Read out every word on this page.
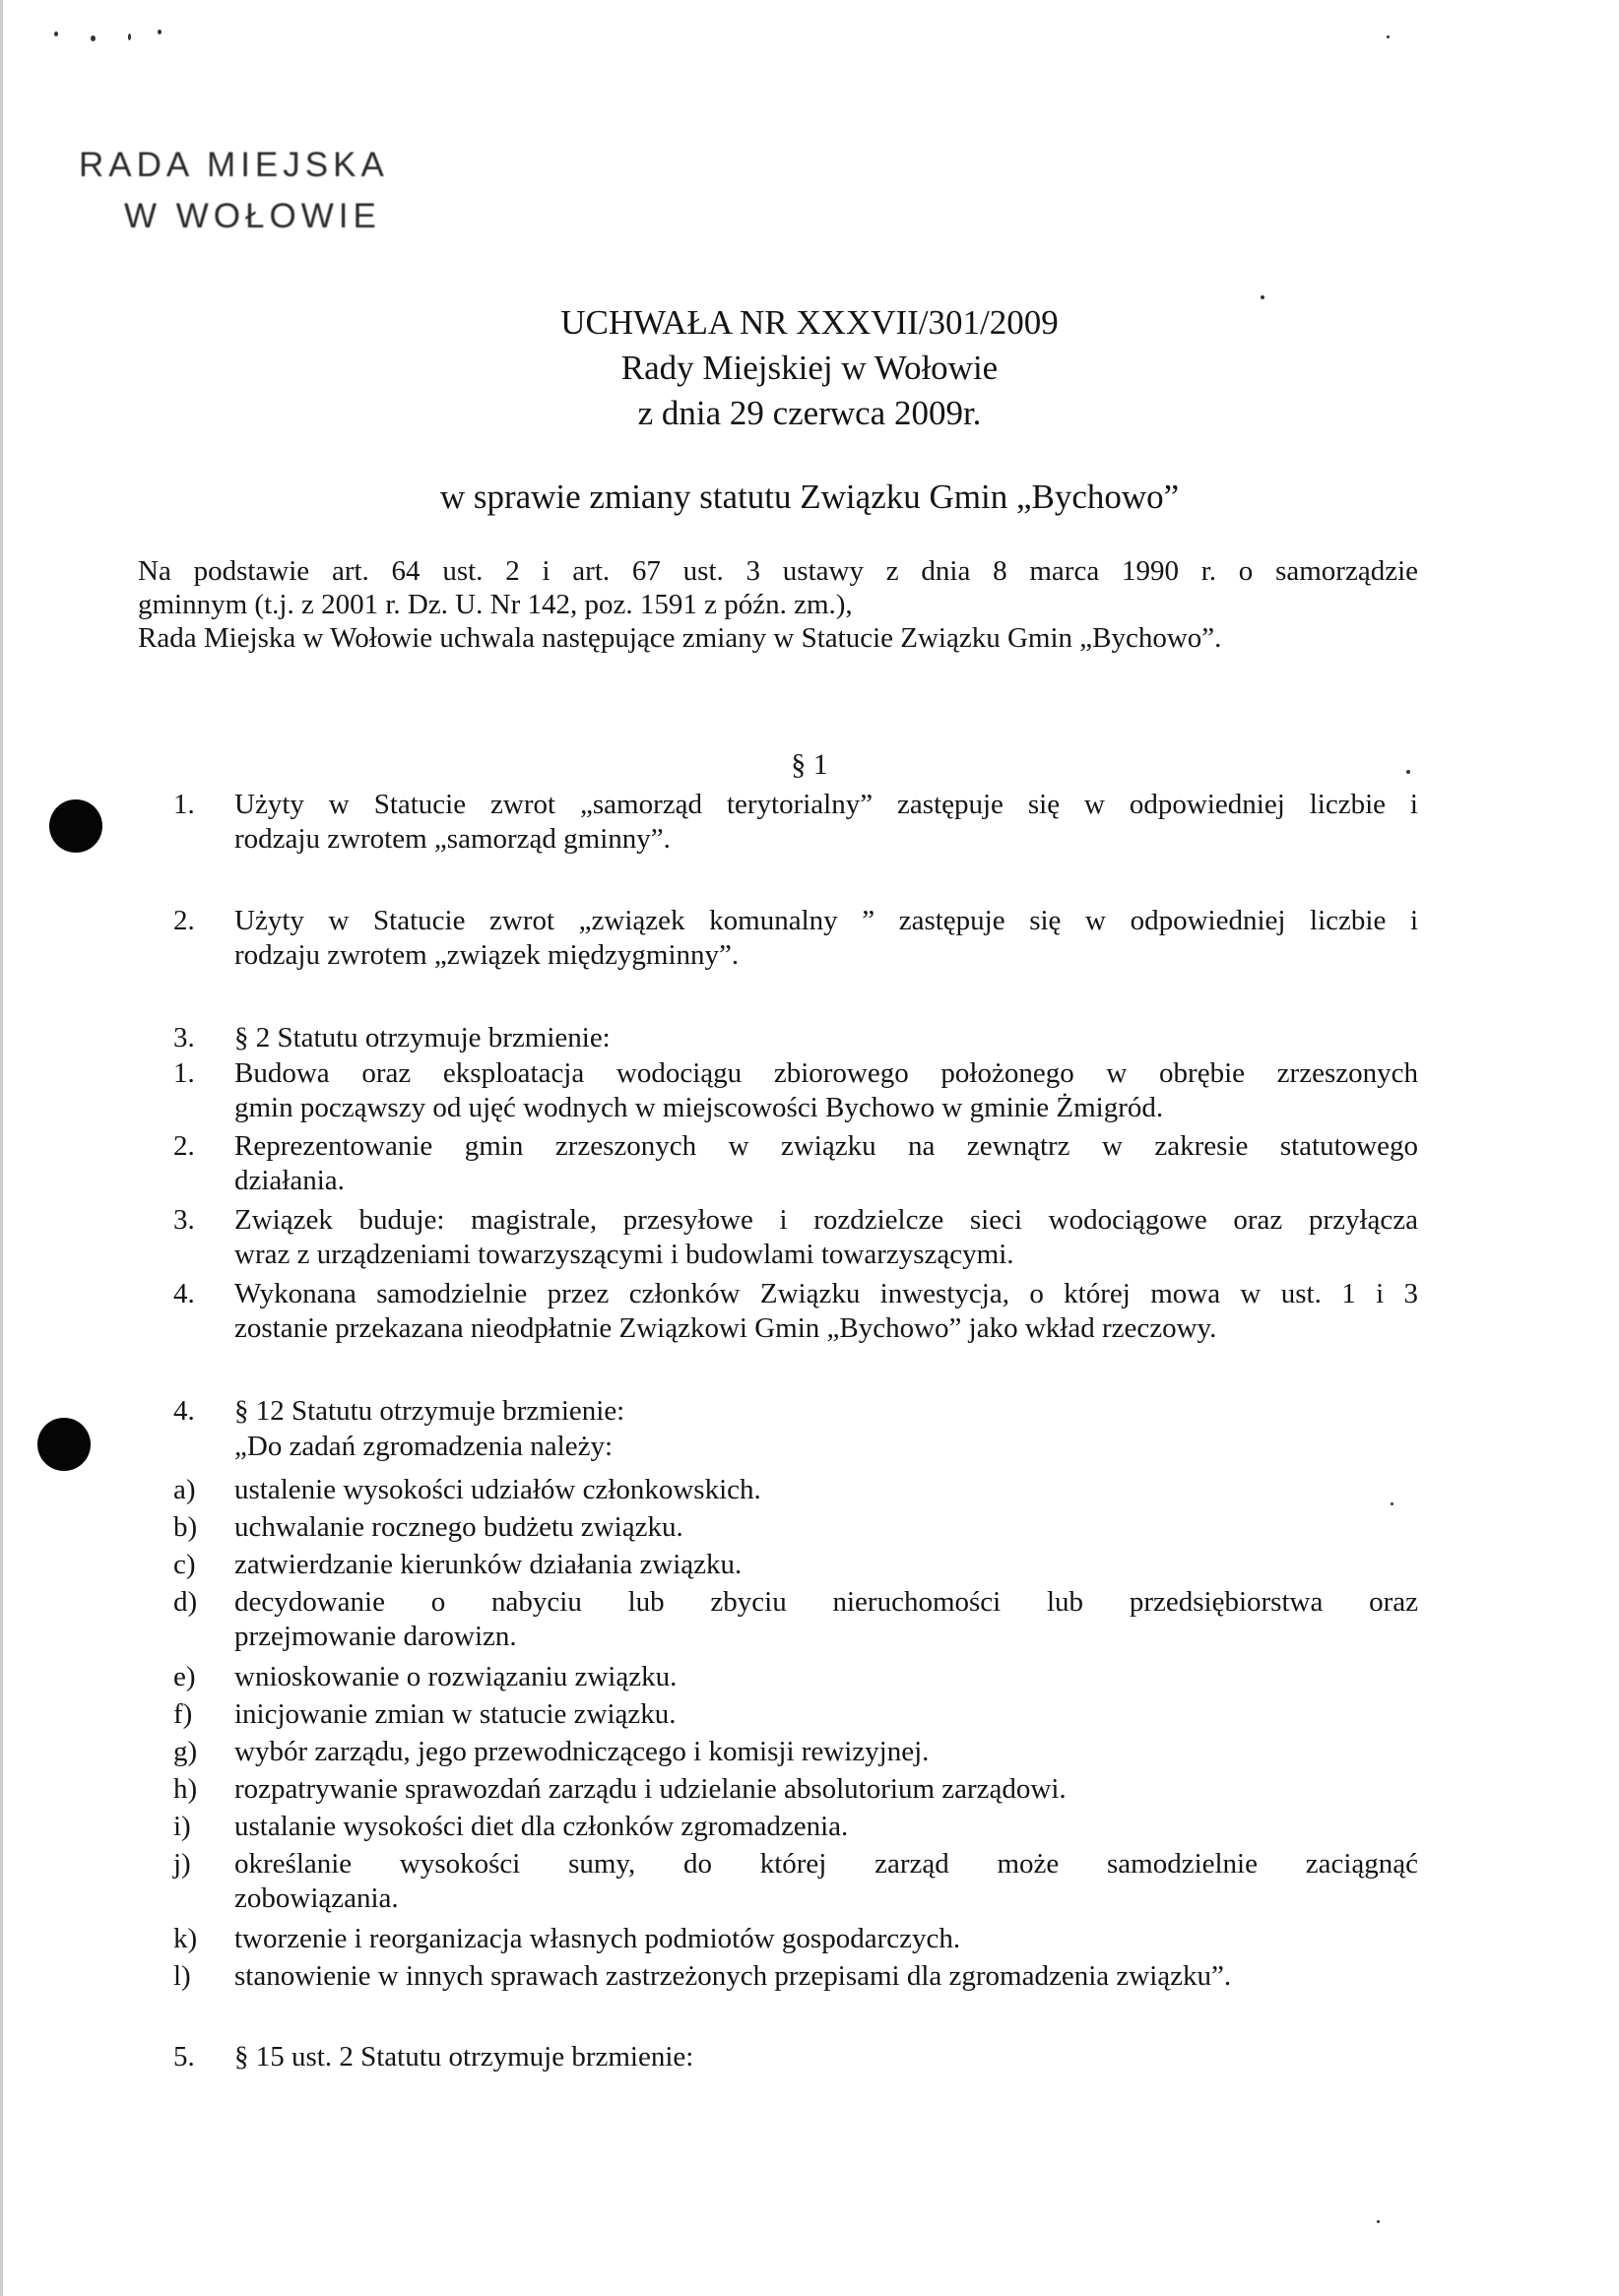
RADA MIEJSKA
W WOŁOWIE
UCHWAŁA NR XXXVII/301/2009
Rady Miejskiej w Wołowie
z dnia 29 czerwca 2009r.
w sprawie zmiany statutu Związku Gmin „Bychowo”
Na podstawie art. 64 ust. 2 i art. 67 ust. 3 ustawy z dnia 8 marca 1990 r. o samorządzie
gminnym (t.j. z 2001 r. Dz. U. Nr 142, poz. 1591 z późn. zm.),
Rada Miejska w Wołowie uchwala następujące zmiany w Statucie Związku Gmin „Bychowo”.
§ 1
1.	Użyty w Statucie zwrot „samorząd terytorialny” zastępuje się w odpowiedniej liczbie i
rodzaju zwrotem „samorząd gminny”.
2.	Użyty w Statucie zwrot „związek komunalny ” zastępuje się w odpowiedniej liczbie i
rodzaju zwrotem „związek międzygminny”.
3.	§ 2 Statutu otrzymuje brzmienie:
1.	Budowa oraz eksploatacja wodociągu zbiorowego położonego w obrębie zrzeszonych
gmin począwszy od ujęć wodnych w miejscowości Bychowo w gminie Żmigród.
2.	Reprezentowanie gmin zrzeszonych w związku na zewnątrz w zakresie statutowego
działania.
3.	Związek buduje: magistrale, przesyłowe i rozdzielcze sieci wodociągowe oraz przyłącza
wraz z urządzeniami towarzyszącymi i budowlami towarzyszącymi.
4.	Wykonana samodzielnie przez członków Związku inwestycja, o której mowa w ust. 1 i 3
zostanie przekazana nieodpłatnie Związkowi Gmin „Bychowo” jako wkład rzeczowy.
4.	§ 12 Statutu otrzymuje brzmienie:
„Do zadań zgromadzenia należy:
a)	ustalenie wysokości udziałów członkowskich.
b)	uchwalanie rocznego budżetu związku.
c)	zatwierdzanie kierunków działania związku.
d)	decydowanie o nabyciu lub zbyciu nieruchomości lub przedsiębiorstwa oraz
przejmowanie darowizn.
e)	wnioskowanie o rozwiązaniu związku.
f)	inicjowanie zmian w statucie związku.
g)	wybór zarządu, jego przewodniczącego i komisji rewizyjnej.
h)	rozpatrywanie sprawozdań zarządu i udzielanie absolutorium zarządowi.
i)	ustalanie wysokości diet dla członków zgromadzenia.
j)	określanie wysokości sumy, do której zarząd może samodzielnie zaciągnąć
zobowiązania.
k)	tworzenie i reorganizacja własnych podmiotów gospodarczych.
l)	stanowienie w innych sprawach zastrzeżonych przepisami dla zgromadzenia związku”.
5.	§ 15 ust. 2 Statutu otrzymuje brzmienie:
